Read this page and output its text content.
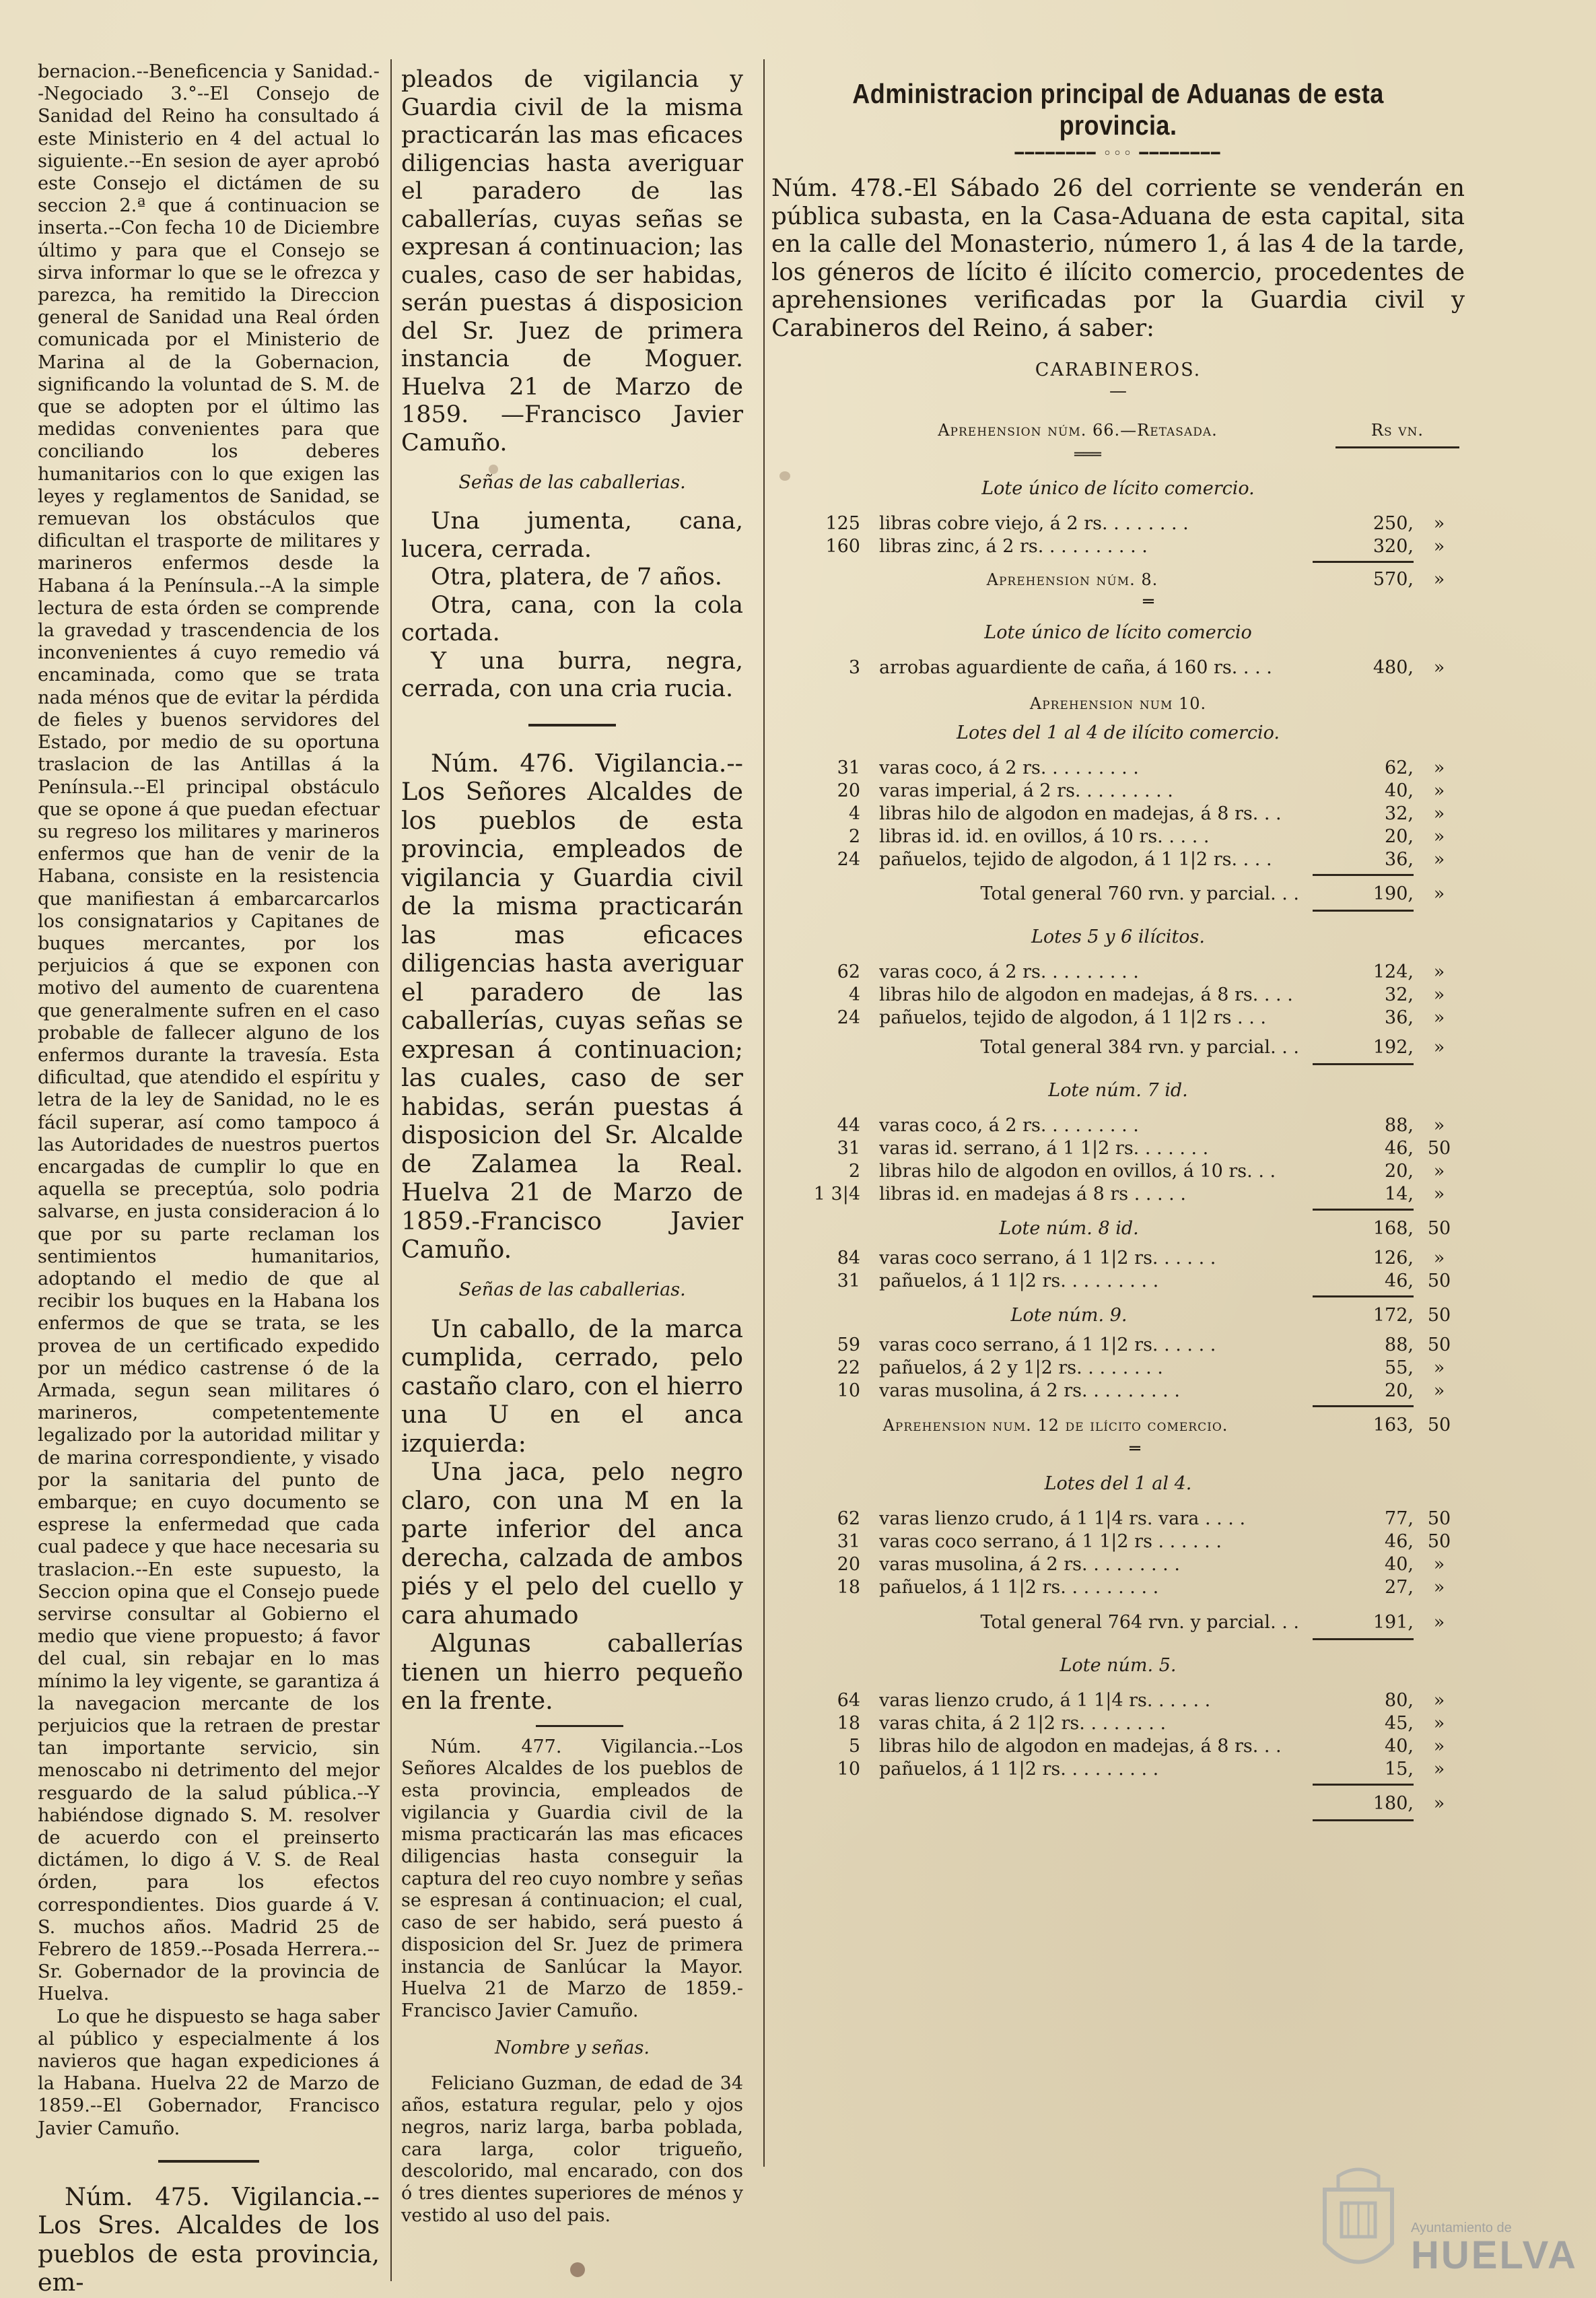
bernacion.--Beneficencia y Sanidad.--Negociado 3.°--El Consejo de Sanidad del Reino ha consultado á este Ministerio en 4 del actual lo siguiente.--En sesion de ayer aprobó este Consejo el dictámen de su seccion 2.ª que á continuacion se inserta.--Con fecha 10 de Diciembre último y para que el Consejo se sirva informar lo que se le ofrezca y parezca, ha remitido la Direccion general de Sanidad una Real órden comunicada por el Ministerio de Marina al de la Gobernacion, significando la voluntad de S. M. de que se adopten por el último las medidas convenientes para que conciliando los deberes humanitarios con lo que exigen las leyes y reglamentos de Sanidad, se remuevan los obstáculos que dificultan el trasporte de militares y marineros enfermos desde la Habana á la Península.--A la simple lectura de esta órden se comprende la gravedad y trascendencia de los inconvenientes á cuyo remedio vá encaminada, como que se trata nada ménos que de evitar la pérdida de fieles y buenos servidores del Estado, por medio de su oportuna traslacion de las Antillas á la Península.--El principal obstáculo que se opone á que puedan efectuar su regreso los militares y marineros enfermos que han de venir de la Habana, consiste en la resistencia que manifiestan á embarcarcarlos los consignatarios y Capitanes de buques mercantes, por los perjuicios á que se exponen con motivo del aumento de cuarentena que generalmente sufren en el caso probable de fallecer alguno de los enfermos durante la travesía. Esta dificultad, que atendido el espíritu y letra de la ley de Sanidad, no le es fácil superar, así como tampoco á las Autoridades de nuestros puertos encargadas de cumplir lo que en aquella se preceptúa, solo podria salvarse, en justa consideracion á lo que por su parte reclaman los sentimientos humanitarios, adoptando el medio de que al recibir los buques en la Habana los enfermos de que se trata, se les provea de un certificado expedido por un médico castrense ó de la Armada, segun sean militares ó marineros, competentemente legalizado por la autoridad militar y de marina correspondiente, y visado por la sanitaria del punto de embarque; en cuyo documento se esprese la enfermedad que cada cual padece y que hace necesaria su traslacion.--En este supuesto, la Seccion opina que el Consejo puede servirse consultar al Gobierno el medio que viene propuesto; á favor del cual, sin rebajar en lo mas mínimo la ley vigente, se garantiza á la navegacion mercante de los perjuicios que la retraen de prestar tan importante servicio, sin menoscabo ni detrimento del mejor resguardo de la salud pública.--Y habiéndose dignado S. M. resolver de acuerdo con el preinserto dictámen, lo digo á V. S. de Real órden, para los efectos correspondientes. Dios guarde á V. S. muchos años. Madrid 25 de Febrero de 1859.--Posada Herrera.--Sr. Gobernador de la provincia de Huelva.

Lo que he dispuesto se haga saber al público y especialmente á los navieros que hagan expediciones á la Habana. Huelva 22 de Marzo de 1859.--El Gobernador, Francisco Javier Camuño.

Núm. 475. Vigilancia.--Los Sres. Alcaldes de los pueblos de esta provincia, em-

pleados de vigilancia y Guardia civil de la misma practicarán las mas eficaces diligencias hasta averiguar el paradero de las caballerías, cuyas señas se expresan á continuacion; las cuales, caso de ser habidas, serán puestas á disposicion del Sr. Juez de primera instancia de Moguer. Huelva 21 de Marzo de 1859. —Francisco Javier Camuño.

Señas de las caballerias.

Una jumenta, cana, lucera, cerrada.

Otra, platera, de 7 años.

Otra, cana, con la cola cortada.

Y una burra, negra, cerrada, con una cria rucia.

Núm. 476. Vigilancia.--Los Señores Alcaldes de los pueblos de esta provincia, empleados de vigilancia y Guardia civil de la misma practicarán las mas eficaces diligencias hasta averiguar el paradero de las caballerías, cuyas señas se expresan á continuacion; las cuales, caso de ser habidas, serán puestas á disposicion del Sr. Alcalde de Zalamea la Real. Huelva 21 de Marzo de 1859.-Francisco Javier Camuño.

Señas de las caballerias.

Un caballo, de la marca cumplida, cerrado, pelo castaño claro, con el hierro una U en el anca izquierda:

Una jaca, pelo negro claro, con una M en la parte inferior del anca derecha, calzada de ambos piés y el pelo del cuello y cara ahumado

Algunas caballerías tienen un hierro pequeño en la frente.

Núm. 477. Vigilancia.--Los Señores Alcaldes de los pueblos de esta provincia, empleados de vigilancia y Guardia civil de la misma practicarán las mas eficaces diligencias hasta conseguir la captura del reo cuyo nombre y señas se espresan á continuacion; el cual, caso de ser habido, será puesto á disposicion del Sr. Juez de primera instancia de Sanlúcar la Mayor. Huelva 21 de Marzo de 1859.-Francisco Javier Camuño.

Nombre y señas.

Feliciano Guzman, de edad de 34 años, estatura regular, pelo y ojos negros, nariz larga, barba poblada, cara larga, color trigueño, descolorido, mal encarado, con dos ó tres dientes superiores de ménos y vestido al uso del pais.

Administracion principal de Aduanas de esta provincia.
━━━━━━━━ ◦◦◦ ━━━━━━━━

Núm. 478.-El Sábado 26 del corriente se venderán en pública subasta, en la Casa-Aduana de esta capital, sita en la calle del Monasterio, número 1, á las 4 de la tarde, los géneros de lícito é ilícito comercio, procedentes de aprehensiones verificadas por la Guardia civil y Carabineros del Reino, á saber:

CARABINEROS.
—
Aprehension núm. 66.—Retasada.	Rs vn.
═══
Lote único de lícito comercio.
125	libras cobre viejo, á 2 rs. . . . . . . .	250,	»
160	libras zinc, á 2 rs. . . . . . . . . .	320,	»
Aprehension núm. 8.	570,	»
═
Lote único de lícito comercio
3	arrobas aguardiente de caña, á 160 rs. . . .	480,	»
Aprehension num 10.
Lotes del 1 al 4 de ilícito comercio.
31	varas coco, á 2 rs. . . . . . . . .	62,	»
20	varas imperial, á 2 rs. . . . . . . . .	40,	»
4	libras hilo de algodon en madejas, á 8 rs. . .	32,	»
2	libras id. id. en ovillos, á 10 rs. . . . .	20,	»
24	pañuelos, tejido de algodon, á 1 1|2 rs. . . .	36,	»
Total general 760 rvn. y parcial. . .	190,	»
Lotes 5 y 6 ilícitos.
62	varas coco, á 2 rs. . . . . . . . .	124,	»
4	libras hilo de algodon en madejas, á 8 rs. . . .	32,	»
24	pañuelos, tejido de algodon, á 1 1|2 rs . . .	36,	»
Total general 384 rvn. y parcial. . .	192,	»
Lote núm. 7 id.
44	varas coco, á 2 rs. . . . . . . . .	88,	»
31	varas id. serrano, á 1 1|2 rs. . . . . . .	46, 50
2	libras hilo de algodon en ovillos, á 10 rs. . .	20,	»
1 3|4	libras id. en madejas á 8 rs . . . . .	14,	»
Lote núm. 8 id.	168, 50
84	varas coco serrano, á 1 1|2 rs. . . . . .	126,	»
31	pañuelos, á 1 1|2 rs. . . . . . . . .	46, 50
Lote núm. 9.	172, 50
59	varas coco serrano, á 1 1|2 rs. . . . . .	88, 50
22	pañuelos, á 2 y 1|2 rs. . . . . . . .	55,	»
10	varas musolina, á 2 rs. . . . . . . . .	20,	»
Aprehension num. 12 de ilícito comercio.	163, 50
═
Lotes del 1 al 4.
62	varas lienzo crudo, á 1 1|4 rs. vara . . . .	77, 50
31	varas coco serrano, á 1 1|2 rs . . . . . .	46, 50
20	varas musolina, á 2 rs. . . . . . . . .	40,	»
18	pañuelos, á 1 1|2 rs. . . . . . . . .	27,	»
Total general 764 rvn. y parcial. . .	191,	»
Lote núm. 5.
64	varas lienzo crudo, á 1 1|4 rs. . . . . .	80,	»
18	varas chita, á 2 1|2 rs. . . . . . . .	45,	»
5	libras hilo de algodon en madejas, á 8 rs. . .	40,	»
10	pañuelos, á 1 1|2 rs. . . . . . . . .	15,	»
180,	»
Ayuntamiento de
HUELVA
